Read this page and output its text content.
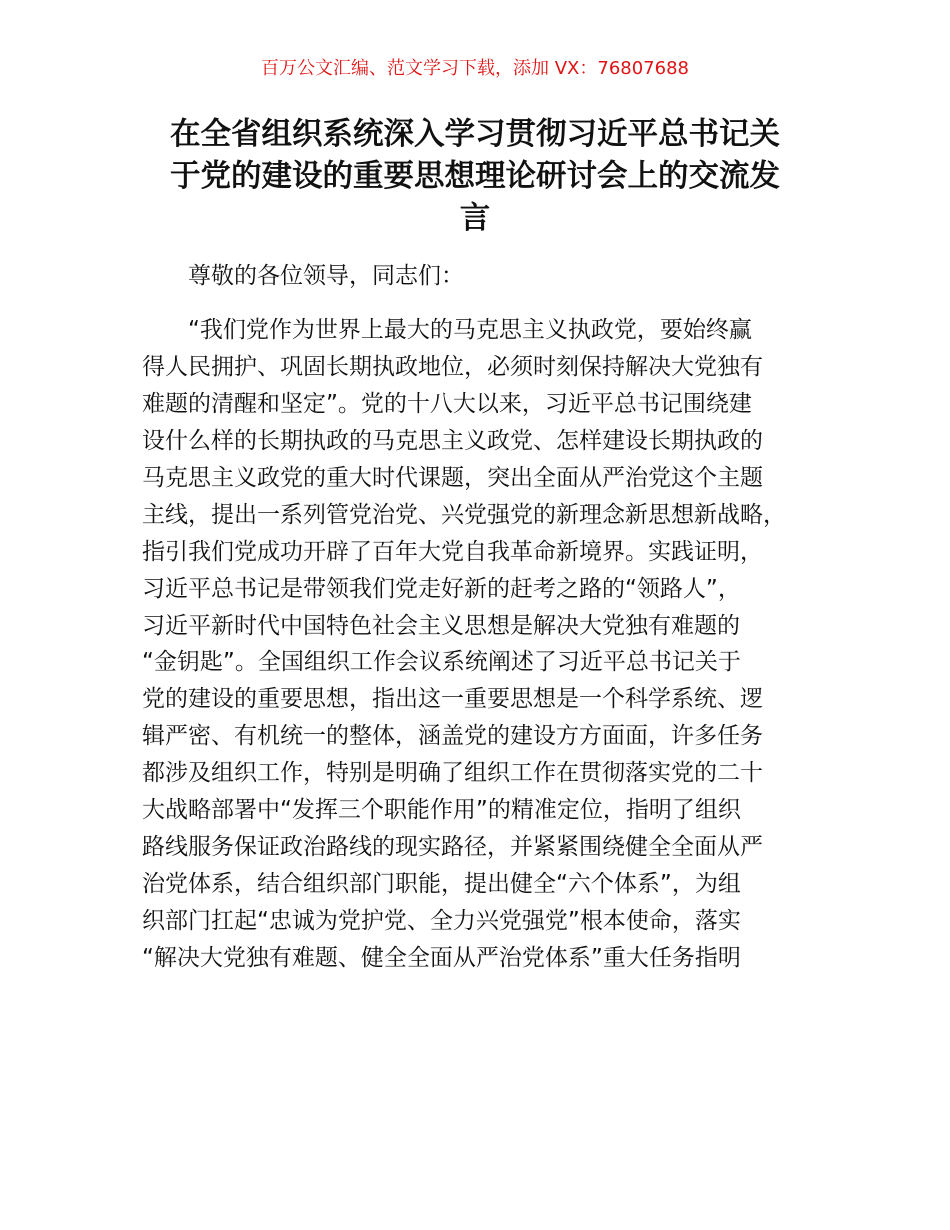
百万公文汇编、范文学习下载，添加 VX：76807688
在全省组织系统深入学习贯彻习近平总书记关
于党的建设的重要思想理论研讨会上的交流发
言

尊敬的各位领导，同志们：

“我们党作为世界上最大的马克思主义执政党，要始终赢
得人民拥护、巩固长期执政地位，必须时刻保持解决大党独有
难题的清醒和坚定”。党的十八大以来，习近平总书记围绕建
设什么样的长期执政的马克思主义政党、怎样建设长期执政的
马克思主义政党的重大时代课题，突出全面从严治党这个主题
主线，提出一系列管党治党、兴党强党的新理念新思想新战略，
指引我们党成功开辟了百年大党自我革命新境界。实践证明，
习近平总书记是带领我们党走好新的赶考之路的“领路人”，
习近平新时代中国特色社会主义思想是解决大党独有难题的
“金钥匙”。全国组织工作会议系统阐述了习近平总书记关于
党的建设的重要思想，指出这一重要思想是一个科学系统、逻
辑严密、有机统一的整体，涵盖党的建设方方面面，许多任务
都涉及组织工作，特别是明确了组织工作在贯彻落实党的二十
大战略部署中“发挥三个职能作用”的精准定位，指明了组织
路线服务保证政治路线的现实路径，并紧紧围绕健全全面从严
治党体系，结合组织部门职能，提出健全“六个体系”，为组
织部门扛起“忠诚为党护党、全力兴党强党”根本使命，落实
“解决大党独有难题、健全全面从严治党体系”重大任务指明
